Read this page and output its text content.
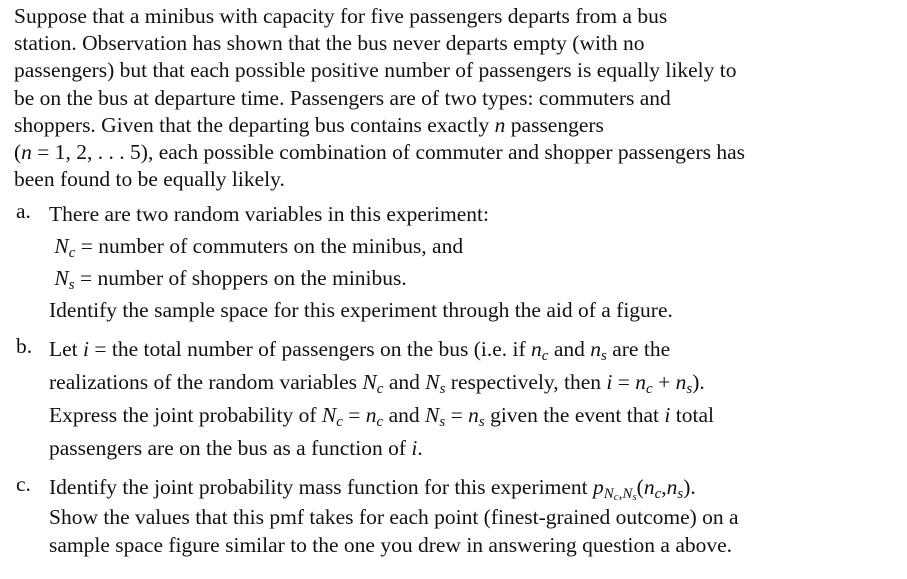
Suppose that a minibus with capacity for five passengers departs from a bus
station. Observation has shown that the bus never departs empty (with no
passengers) but that each possible positive number of passengers is equally likely to
be on the bus at departure time. Passengers are of two types: commuters and
shoppers. Given that the departing bus contains exactly n passengers
(n = 1, 2, . . . 5), each possible combination of commuter and shopper passengers has
been found to be equally likely.
a. There are two random variables in this experiment:
$N_c$ = number of commuters on the minibus, and
$N_s$ = number of shoppers on the minibus.
Identify the sample space for this experiment through the aid of a figure.
b. Let i = the total number of passengers on the bus (i.e. if $n_c$ and $n_s$ are the
realizations of the random variables $N_c$ and $N_s$ respectively, then $i = n_c + n_s$).
Express the joint probability of $N_c = n_c$ and $N_s = n_s$ given the event that i total
passengers are on the bus as a function of i.
c. Identify the joint probability mass function for this experiment $p_{Nc,Ns}(n_c,n_s)$.
Show the values that this pmf takes for each point (finest-grained outcome) on a
sample space figure similar to the one you drew in answering question a above.
